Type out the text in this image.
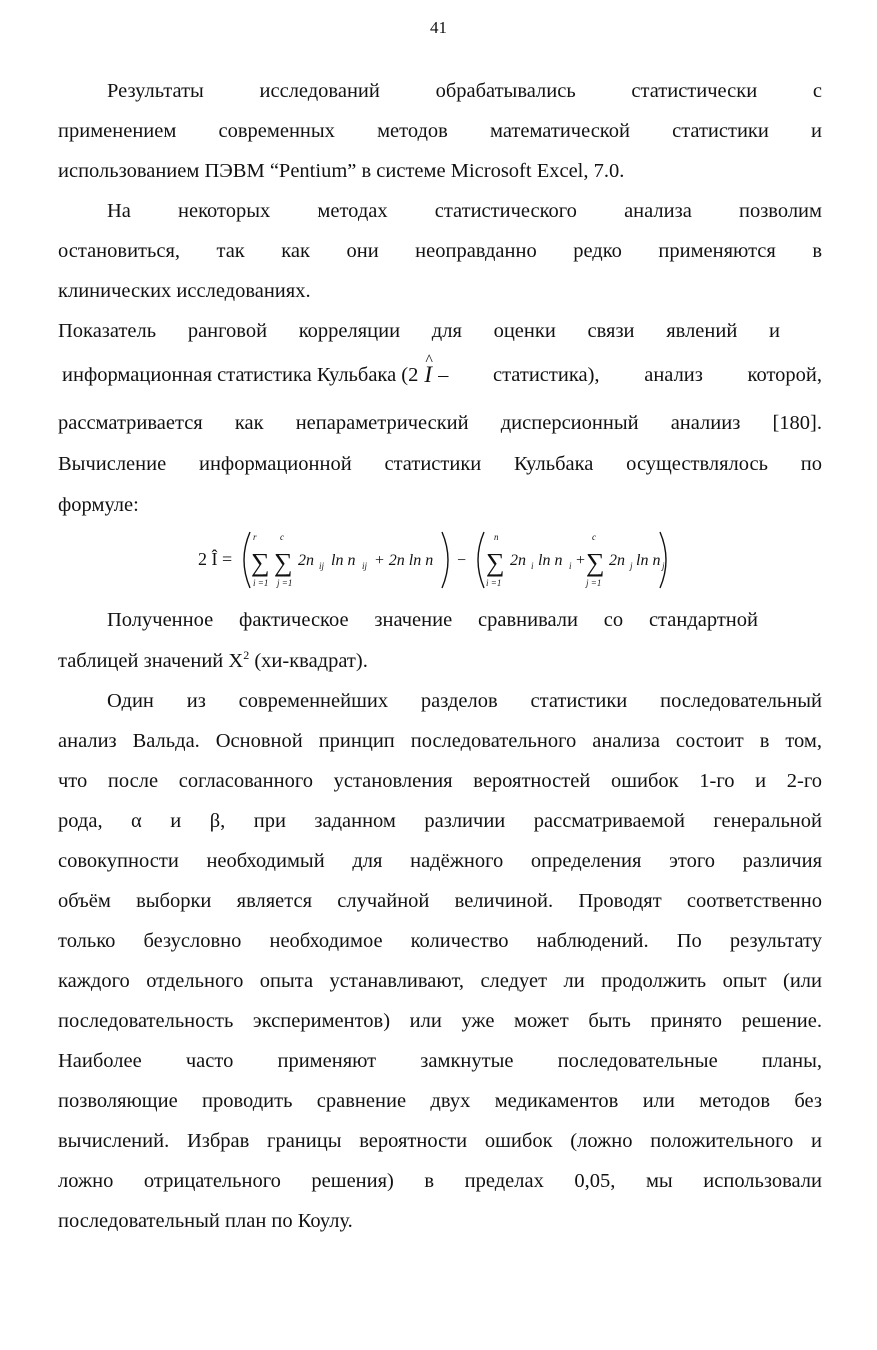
41
Результаты исследований обрабатывались статистически с
применением современных методов математической статистики и
использованием ПЭВМ “Pentium” в системе Microsoft Excel, 7.0.
На некоторых методах статистического анализа позволим
остановиться, так как они неоправданно редко применяются в
клинических исследованиях.
Показатель ранговой корреляции для оценки связи явлений и
информационная статистика Кульбака (2
^ I – статистика), анализ которой,
рассматривается как непараметрический дисперсионный аналииз [180].
Вычисление информационной статистики Кульбака осуществлялось по
формуле:
Полученное фактическое значение сравнивали со стандартной
таблицей значений $Х^2$ (хи-квадрат).
Один из современнейших разделов статистики последовательный
анализ Вальда. Основной принцип последовательного анализа состоит в том,
что после согласованного установления вероятностей ошибок 1-го и 2-го
рода, α и β, при заданном различии рассматриваемой генеральной
совокупности необходимый для надёжного определения этого различия
объём выборки является случайной величиной. Проводят соответственно
только безусловно необходимое количество наблюдений. По результату
каждого отдельного опыта устанавливают, следует ли продолжить опыт (или
последовательность экспериментов) или уже может быть принято решение.
Наиболее часто применяют замкнутые последовательные планы,
позволяющие проводить сравнение двух медикаментов или методов без
вычислений. Избрав границы вероятности ошибок (ложно положительного и
ложно отрицательного решения) в пределах 0,05, мы использовали
последовательный план по Коулу.
2 Î =
r	c
∑ ∑
i =1 j =1
2n ij ln n ij + 2n ln n −
n
∑
i =1
2n i ln n i +
c
∑
j =1
2n j ln n j
